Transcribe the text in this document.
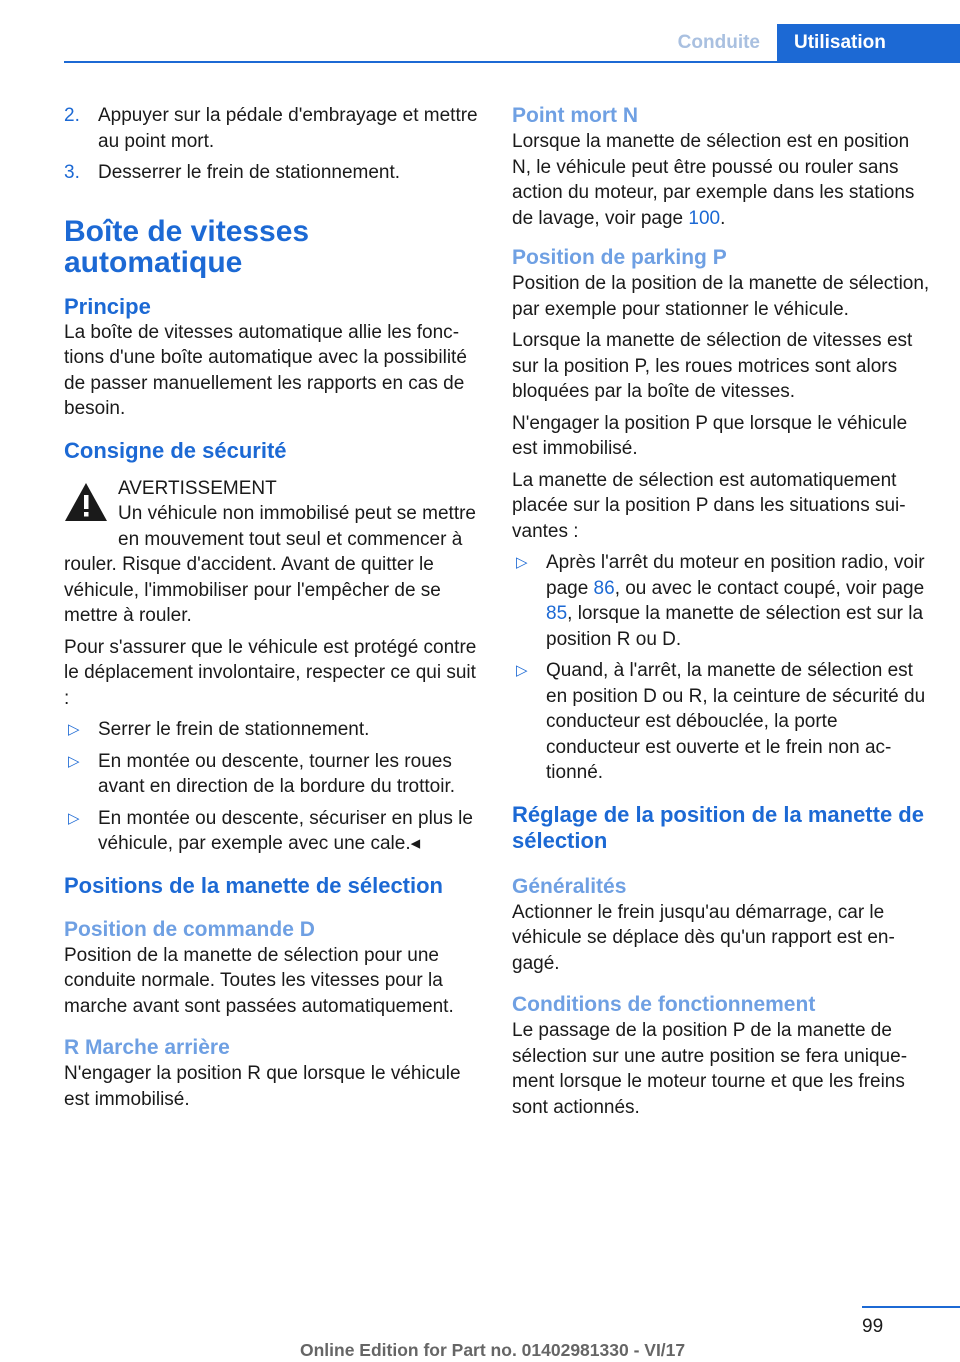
Conduite	Utilisation
2. Appuyer sur la pédale d'embrayage et mettre au point mort.
3. Desserrer le frein de stationnement.
Boîte de vitesses automatique
Principe

La boîte de vitesses automatique allie les fonctions d'une boîte automatique avec la possibilité de passer manuellement les rapports en cas de besoin.

Consigne de sécurité
AVERTISSEMENT
Un véhicule non immobilisé peut se mettre en mouvement tout seul et commencer à rouler. Risque d'accident. Avant de quitter le véhicule, l'immobiliser pour l'empêcher de se mettre à rouler.

Pour s'assurer que le véhicule est protégé contre le déplacement involontaire, respecter ce qui suit :

▷ Serrer le frein de stationnement.
▷ En montée ou descente, tourner les roues avant en direction de la bordure du trottoir.
▷ En montée ou descente, sécuriser en plus le véhicule, par exemple avec une cale.◂
Positions de la manette de sélection
Position de commande D

Position de la manette de sélection pour une conduite normale. Toutes les vitesses pour la marche avant sont passées automatiquement.

R Marche arrière

N'engager la position R que lorsque le véhicule est immobilisé.

Point mort N

Lorsque la manette de sélection est en position N, le véhicule peut être poussé ou rouler sans action du moteur, par exemple dans les stations de lavage, voir page 100.

Position de parking P

Position de la position de la manette de sélection, par exemple pour stationner le véhicule.

Lorsque la manette de sélection de vitesses est sur la position P, les roues motrices sont alors bloquées par la boîte de vitesses.

N'engager la position P que lorsque le véhicule est immobilisé.

La manette de sélection est automatiquement placée sur la position P dans les situations suivantes :

▷ Après l'arrêt du moteur en position radio, voir page 86, ou avec le contact coupé, voir page 85, lorsque la manette de sélection est sur la position R ou D.
▷ Quand, à l'arrêt, la manette de sélection est en position D ou R, la ceinture de sécurité du conducteur est débouclée, la porte conducteur est ouverte et le frein non actionné.
Réglage de la position de la manette de sélection
Généralités

Actionner le frein jusqu'au démarrage, car le véhicule se déplace dès qu'un rapport est engagé.

Conditions de fonctionnement

Le passage de la position P de la manette de sélection sur une autre position se fera uniquement lorsque le moteur tourne et que les freins sont actionnés.

99
Online Edition for Part no. 01402981330 - VI/17
